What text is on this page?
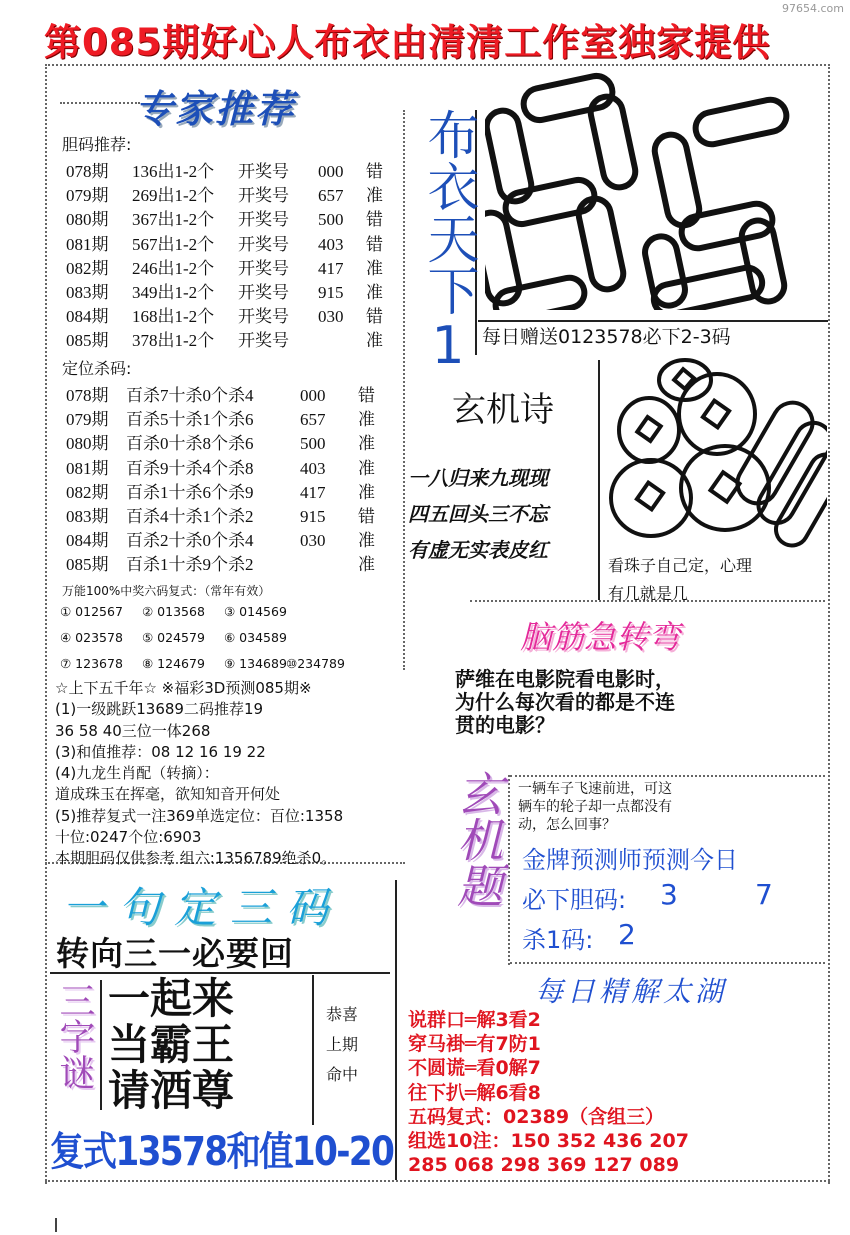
97654.com
第085期好心人布衣由清清工作室独家提供
专家推荐
胆码推荐:
078期 136出1-2个 开奖号 000 错
079期 269出1-2个 开奖号 657 准
080期 367出1-2个 开奖号 500 错
081期 567出1-2个 开奖号 403 错
082期 246出1-2个 开奖号 417 准
083期 349出1-2个 开奖号 915 准
084期 168出1-2个 开奖号 030 错
085期 378出1-2个 开奖号	准
定位杀码:
078期 百杀7十杀0个杀4	000 错
079期 百杀5十杀1个杀6	657 准
080期 百杀0十杀8个杀6	500 准
081期 百杀9十杀4个杀8	403 准
082期 百杀1十杀6个杀9	417 准
083期 百杀4十杀1个杀2	915 错
084期 百杀2十杀0个杀4	030 准
085期 百杀1十杀9个杀2	准
万能100%中奖六码复式：（常年有效）
① 012567 ② 013568 ③ 014569
④ 023578 ⑤ 024579 ⑥ 034589
⑦ 123678 ⑧ 124679 ⑨ 134689 ⑩234789
布衣天下1 每日赠送0123578必下2-3码
玄机诗
一八归来九现现
四五回头三不忘
有虚无实表皮红
看珠子自己定，心理
有几就是几
脑筋急转弯
萨维在电影院看电影时，
为什么每次看的都是不连
贯的电影？
☆上下五千年☆ ※福彩3D预测085期※
(1)一级跳跃13689二码推荐19
36 58 40三位一体268
(3)和值推荐：08 12 16 19 22
(4)九龙生肖配（转摘）：
道成珠玉在挥毫，欲知知音开何处
(5)推荐复式一注369单选定位：百位:1358
十位:0247个位:6903
本期胆码仅供参考 组六:1356789绝杀0。 玄机题 一辆车子飞速前进，可这
辆车的轮子却一点都没有
动，怎么回事？
金牌预测师预测今日
必下胆码: 3	7
杀1码: 2
一句定三码
转向三一必要回
三字谜 一起来
当霸王
请酒尊
恭喜
上期
命中
复式13578和值10-20
每日精解太湖
说群口═解3看2
穿马褂═有7防1
不圆谎═看0解7
往下扒═解6看8
五码复式：02389（含组三）
组选10注：150 352 436 207
285 068 298 369 127 089
